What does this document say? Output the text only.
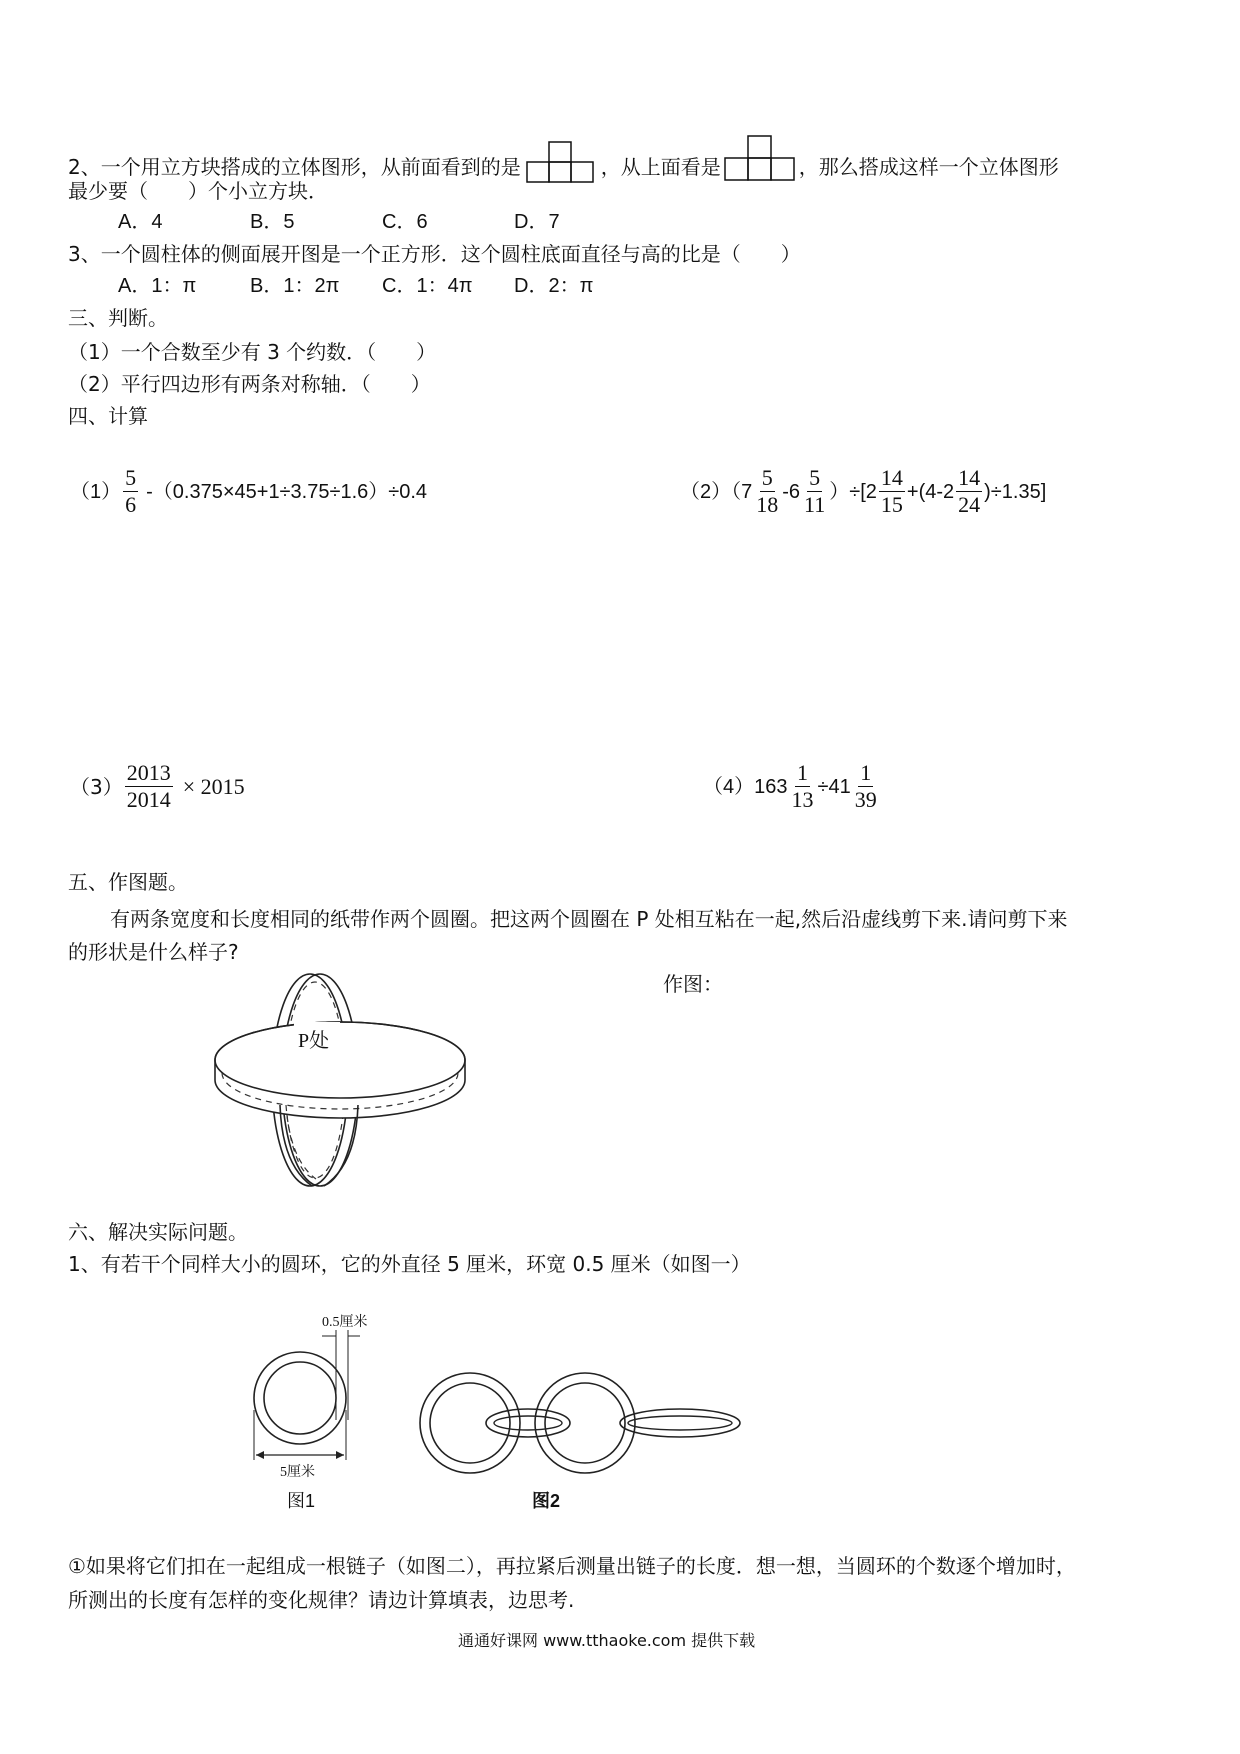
2、一个用立方块搭成的立体图形，从前面看到的是	，从上面看是	，那么搭成这样一个立体图形
最少要（　　）个小立方块．
A．4	B．5	C．6	D．7
3、一个圆柱体的侧面展开图是一个正方形．这个圆柱底面直径与高的比是（　　）
A．1：π	B．1：2π C．1：4π D．2：π
三、判断。
（1）一个合数至少有 3 个约数．（　　）
（2）平行四边形有两条对称轴．（　　）
四、计算
$(1) \frac{5}{6} -(0.375\times 45+1\div 3.75\div 1.6)\div 0.4$	$(2)(7 \frac{5}{18} -6 \frac{5}{11} )\div[2 \frac{14}{15} +(4-2 \frac{14}{24} )\div 1.35]$
$(3) \frac{2013}{2014} \times 2015$	$(4)163 \frac{1}{13} \div 41 \frac{1}{39}$
五、作图题。
有两条宽度和长度相同的纸带作两个圆圈。把这两个圆圈在 P 处相互粘在一起,然后沿虚线剪下来.请问剪下来
的形状是什么样子?
作图：
P处
六、解决实际问题。
1、有若干个同样大小的圆环，它的外直径 5 厘米，环宽 0.5 厘米（如图一）
0.5厘米
5厘米
图1	图2
①如果将它们扣在一起组成一根链子（如图二），再拉紧后测量出链子的长度．想一想，当圆环的个数逐个增加时，
所测出的长度有怎样的变化规律？请边计算填表，边思考.
通通好课网 www.tthaoke.com 提供下载
